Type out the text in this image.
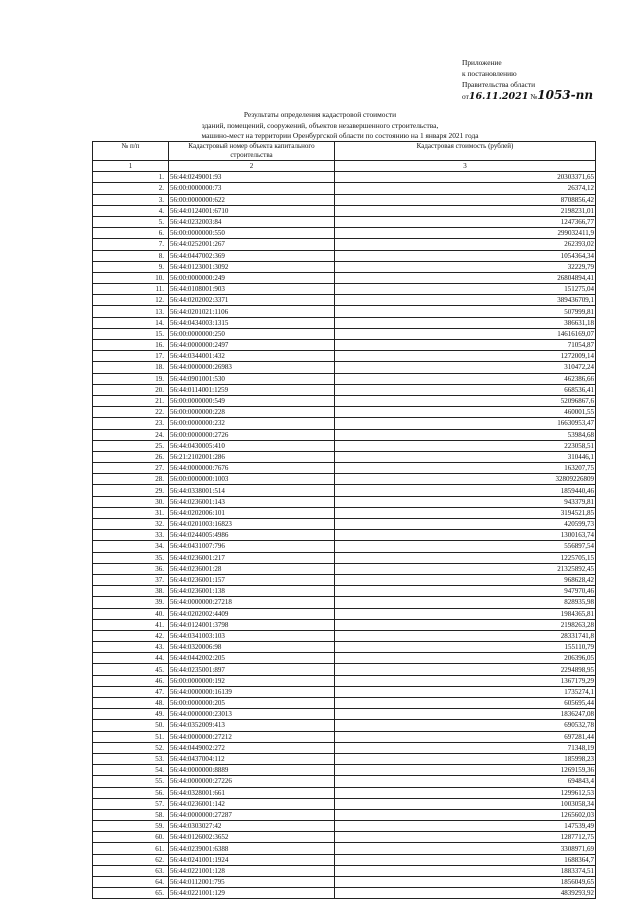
Приложение
к постановлению
Правительства области
от16.11.2021 №1053-пп
Результаты определения кадастровой стоимости
зданий, помещений, сооружений, объектов незавершенного строительства,
машино-мест на территории Оренбургской области по состоянию на 1 января 2021 года
№ п/п	Кадастровый номер объекта капитального строительства	Кадастровая стоимость (рублей)
1	2	3
1.	56:44:0249001:93	20303371,65
2.	56:00:0000000:73	26374,12
3.	56:00:0000000:622	8708856,42
4.	56:44:0124001:6710	2198231,01
5.	56:44:0232003:84	1247366,77
6.	56:00:0000000:550	299032411,9
7.	56:44:0252001:267	262393,02
8.	56:44:0447002:369	1054364,34
9.	56:44:0123001:3092	32229,79
10.	56:00:0000000:249	26804894,41
11.	56:44:0108001:903	151275,04
12.	56:44:0202002:3371	389436709,1
13.	56:44:0201021:1106	507999,81
14.	56:44:0434003:1315	386631,18
15.	56:00:0000000:250	14616169,07
16.	56:44:0000000:2497	71054,87
17.	56:44:0344001:432	1272009,14
18.	56:44:0000000:26983	310472,24
19.	56:44:0901001:530	462386,66
20.	56:44:0114001:1259	668536,41
21.	56:00:0000000:549	52096867,6
22.	56:00:0000000:228	460001,55
23.	56:00:0000000:232	16630953,47
24.	56:00:0000000:2726	53984,68
25.	56:44:0430005:410	223058,51
26.	56:21:2102001:286	310446,1
27.	56:44:0000000:7676	163207,75
28.	56:00:0000000:1003	32809226809
29.	56:44:0338001:514	1859440,46
30.	56:44:0236001:143	943379,81
31.	56:44:0202006:101	3194521,85
32.	56:44:0201003:16823	420599,73
33.	56:44:0244005:4986	1300163,74
34.	56:44:0431007:796	556897,54
35.	56:44:0236001:217	1225705,15
36.	56:44:0236001:28	21325892,45
37.	56:44:0236001:157	968628,42
38.	56:44:0236001:138	947970,46
39.	56:44:0000000:27218	828935,98
40.	56:44:0202002:4409	1984365,81
41.	56:44:0124001:3798	2198263,28
42.	56:44:0341003:103	28331741,8
43.	56:44:0320006:98	155110,79
44.	56:44:0442002:205	206396,05
45.	56:44:0235001:897	2294898,95
46.	56:00:0000000:192	1367179,29
47.	56:44:0000000:16139	1735274,1
48.	56:00:0000000:205	605695,44
49.	56:44:0000000:23013	1836247,08
50.	56:44:0352009:413	690532,78
51.	56:44:0000000:27212	697281,44
52.	56:44:0449002:272	71348,19
53.	56:44:0437004:112	185998,23
54.	56:44:0000000:8889	1269159,36
55.	56:44:0000000:27226	694843,4
56.	56:44:0328001:661	1299612,53
57.	56:44:0236001:142	1003058,34
58.	56:44:0000000:27287	1265602,03
59.	56:44:0303027:42	147539,49
60.	56:44:0126002:3652	1287712,75
61.	56:44:0239001:6388	3308971,69
62.	56:44:0241001:1924	1688364,7
63.	56:44:0221001:128	1883374,51
64.	56:44:0112001:795	1856049,65
65.	56:44:0221001:129	4839293,92
